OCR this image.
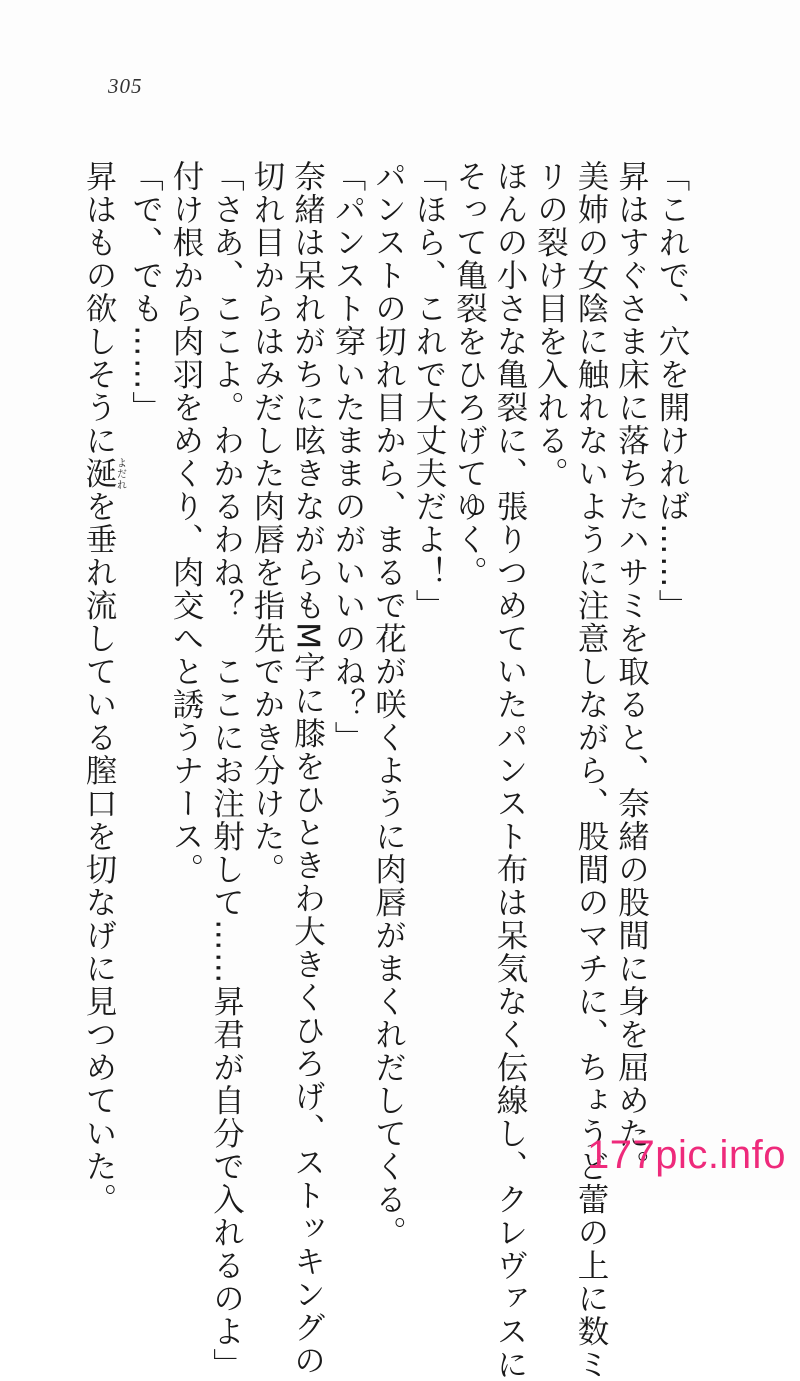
305
「これで、穴を開ければ……」
昇はすぐさま床に落ちたハサミを取ると、奈緒の股間に身を屈めた。
美姉の女陰に触れないように注意しながら、股間のマチに、ちょうど蕾の上に数ミ
リの裂け目を入れる。
ほんの小さな亀裂に、張りつめていたパンスト布は呆気なく伝線し、クレヴァスに
そって亀裂をひろげてゆく。
「ほら、これで大丈夫だよ！」
パンストの切れ目から、まるで花が咲くように肉唇がまくれだしてくる。
「パンスト穿いたままのがいいのね？」
奈緒は呆れがちに呟きながらもM字に膝をひときわ大きくひろげ、ストッキングの
切れ目からはみだした肉唇を指先でかき分けた。
「さあ、ここよ。わかるわね？　ここにお注射して……昇君が自分で入れるのよ」
付け根から肉羽をめくり、肉交へと誘うナース。
「で、でも……」
昇はもの欲しそうに涎よだれを垂れ流している膣口を切なげに見つめていた。	177pic.info
